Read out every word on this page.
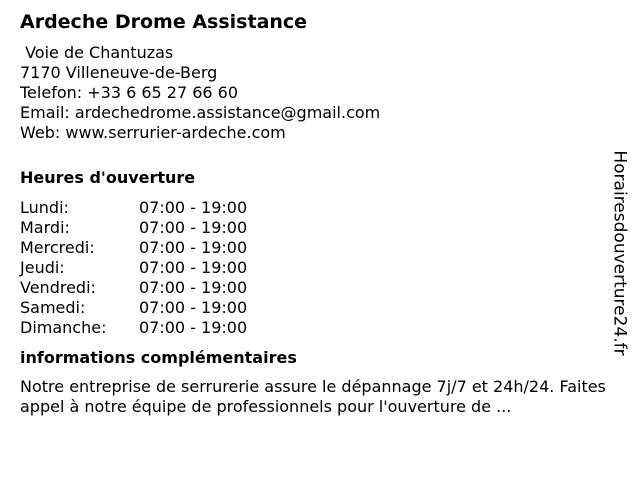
Ardeche Drome Assistance
Voie de Chantuzas
7170 Villeneuve-de-Berg
Telefon: +33 6 65 27 66 60
Email: ardechedrome.assistance@gmail.com
Web: www.serrurier-ardeche.com
Heures d'ouverture
Lundi:	07:00 - 19:00
Mardi:	07:00 - 19:00
Mercredi:	07:00 - 19:00
Jeudi:	07:00 - 19:00
Vendredi:	07:00 - 19:00
Samedi:	07:00 - 19:00
Dimanche: 07:00 - 19:00
informations complémentaires

Notre entreprise de serrurerie assure le dépannage 7j/7 et 24h/24. Faites appel à notre équipe de professionnels pour l'ouverture de ...

Horairesdouverture24.fr
